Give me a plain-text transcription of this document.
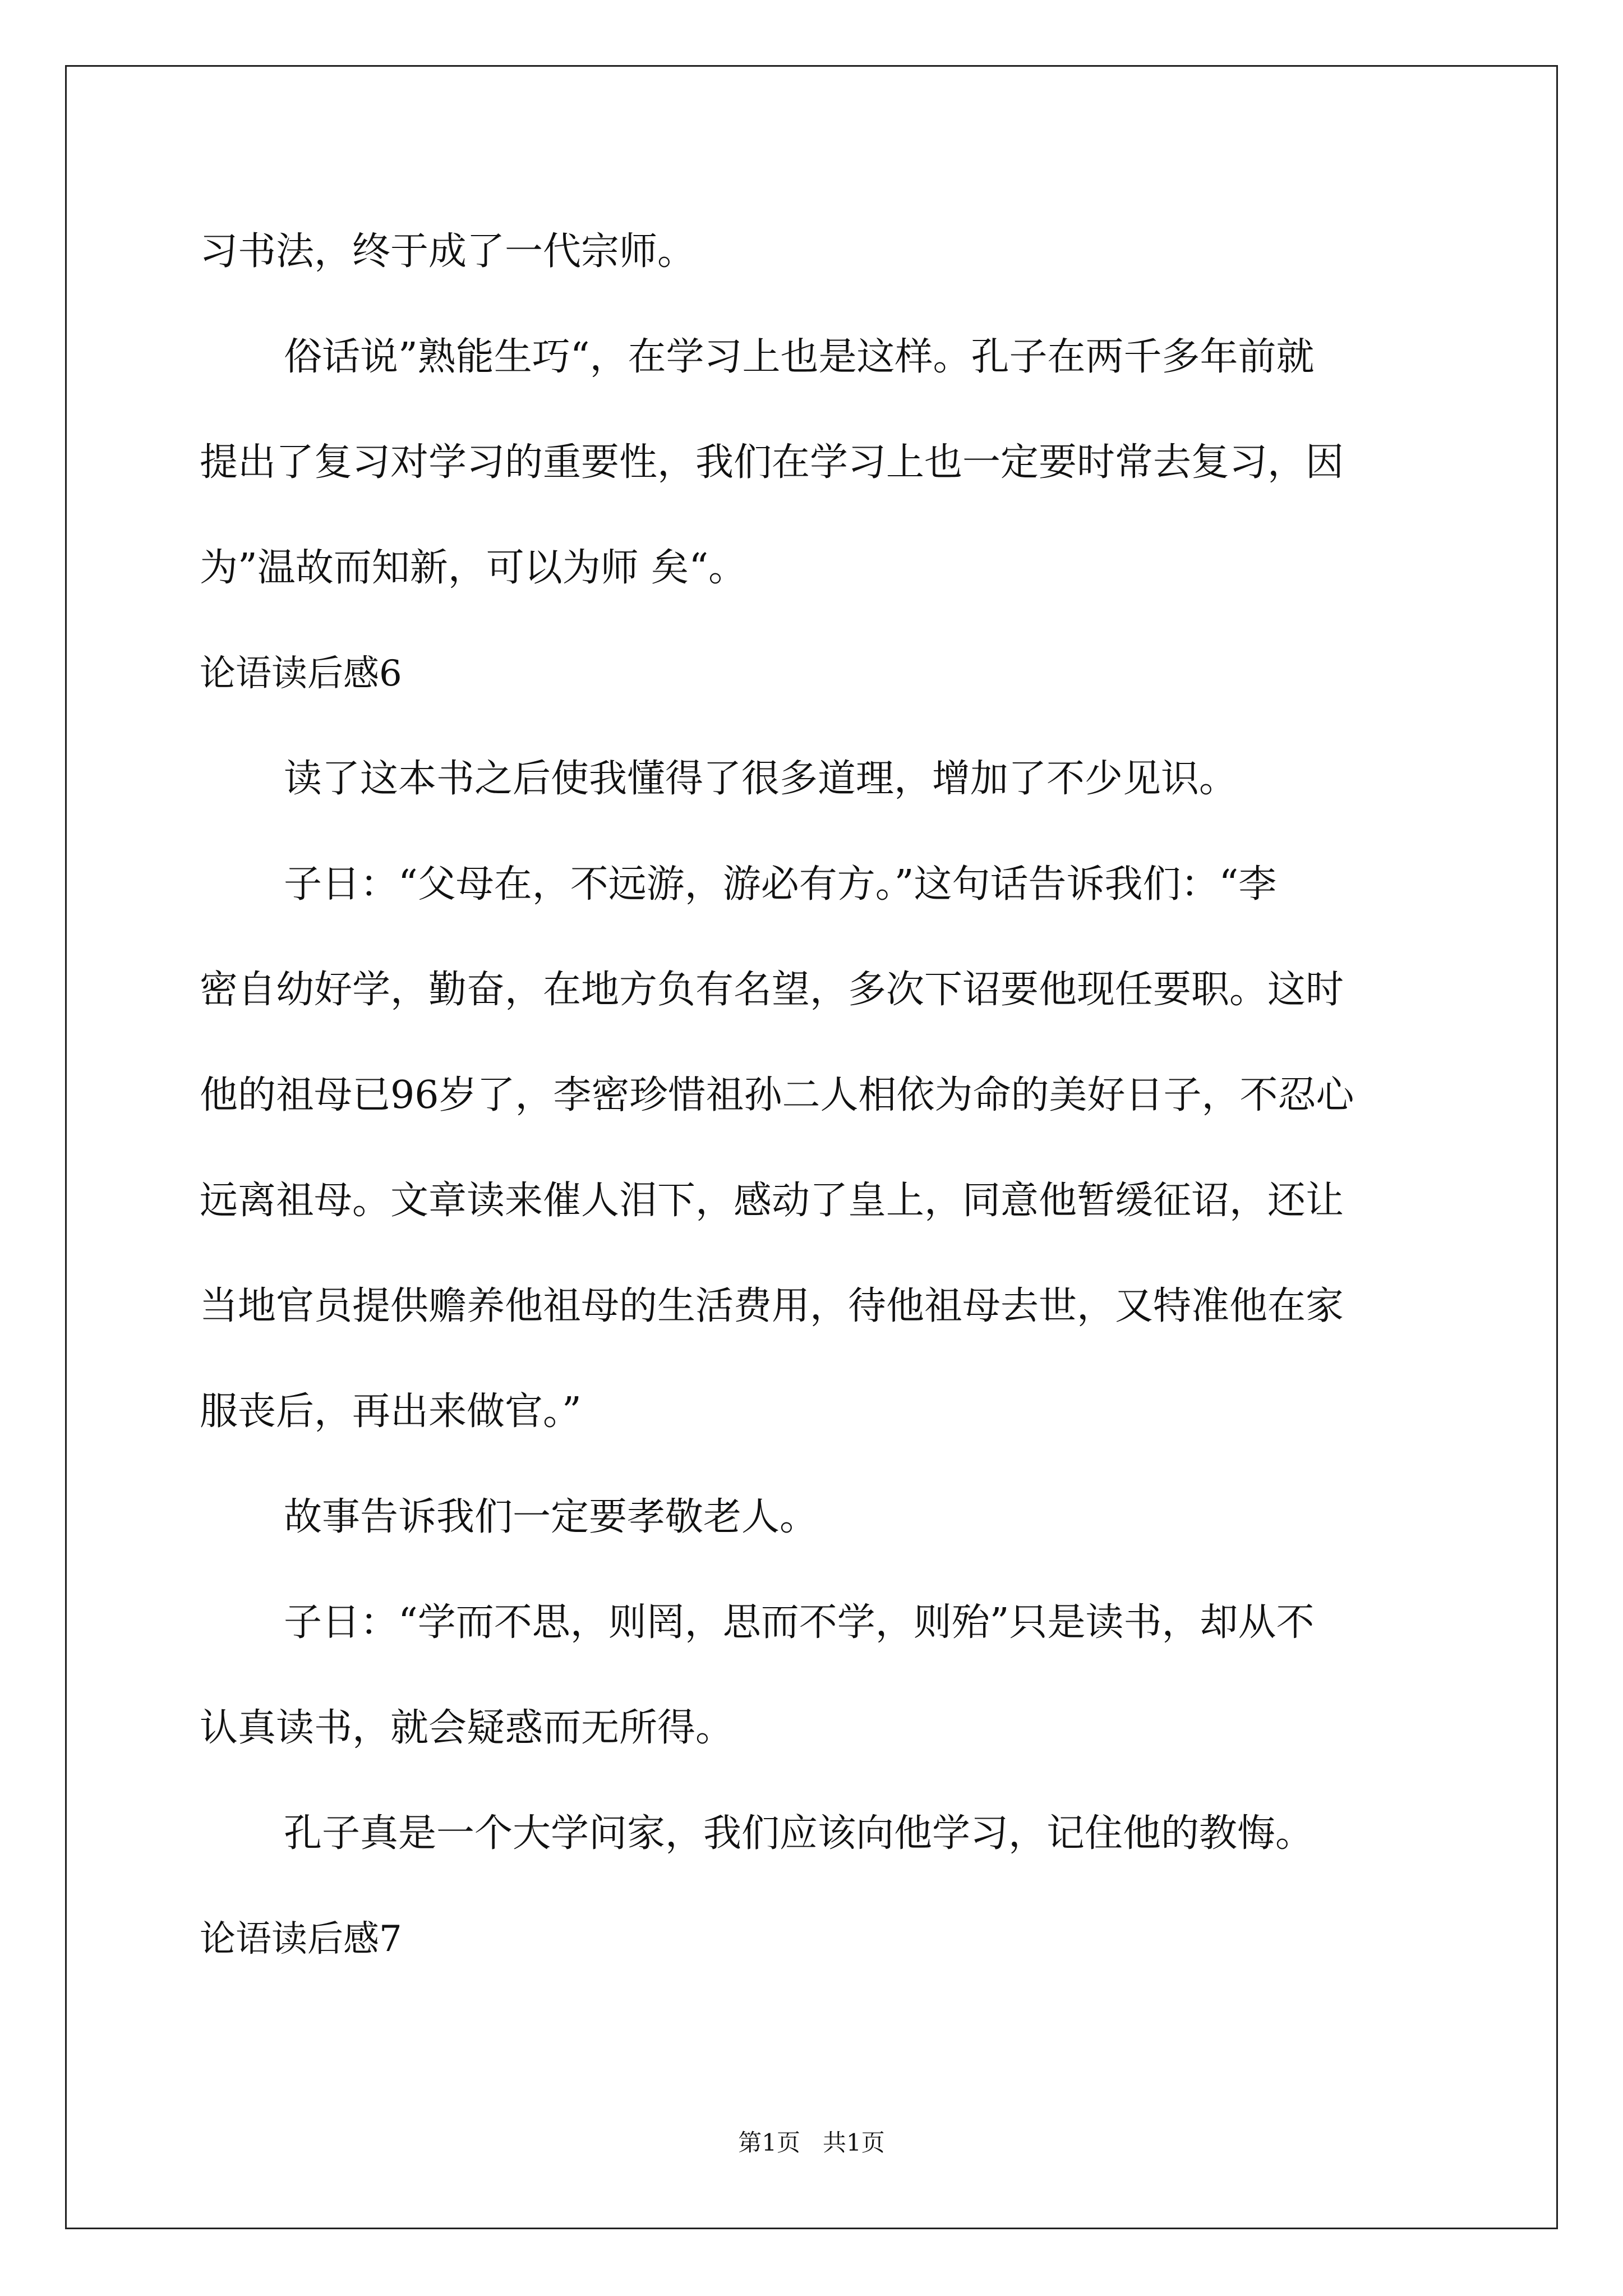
习书法，终于成了一代宗师。

俗话说”熟能生巧“，在学习上也是这样。孔子在两千多年前就

提出了复习对学习的重要性，我们在学习上也一定要时常去复习，因

为”温故而知新，可以为师 矣“。

论语读后感6

读了这本书之后使我懂得了很多道理，增加了不少见识。

子日：“父母在，不远游，游必有方。”这句话告诉我们：“李

密自幼好学，勤奋，在地方负有名望，多次下诏要他现任要职。这时

他的祖母已96岁了，李密珍惜祖孙二人相依为命的美好日子，不忍心

远离祖母。文章读来催人泪下，感动了皇上，同意他暂缓征诏，还让

当地官员提供赡养他祖母的生活费用，待他祖母去世，又特准他在家

服丧后，再出来做官。”

故事告诉我们一定要孝敬老人。

子日：“学而不思，则罔，思而不学，则殆”只是读书，却从不

认真读书，就会疑惑而无所得。

孔子真是一个大学问家，我们应该向他学习，记住他的教悔。

论语读后感7

第1页   共1页
